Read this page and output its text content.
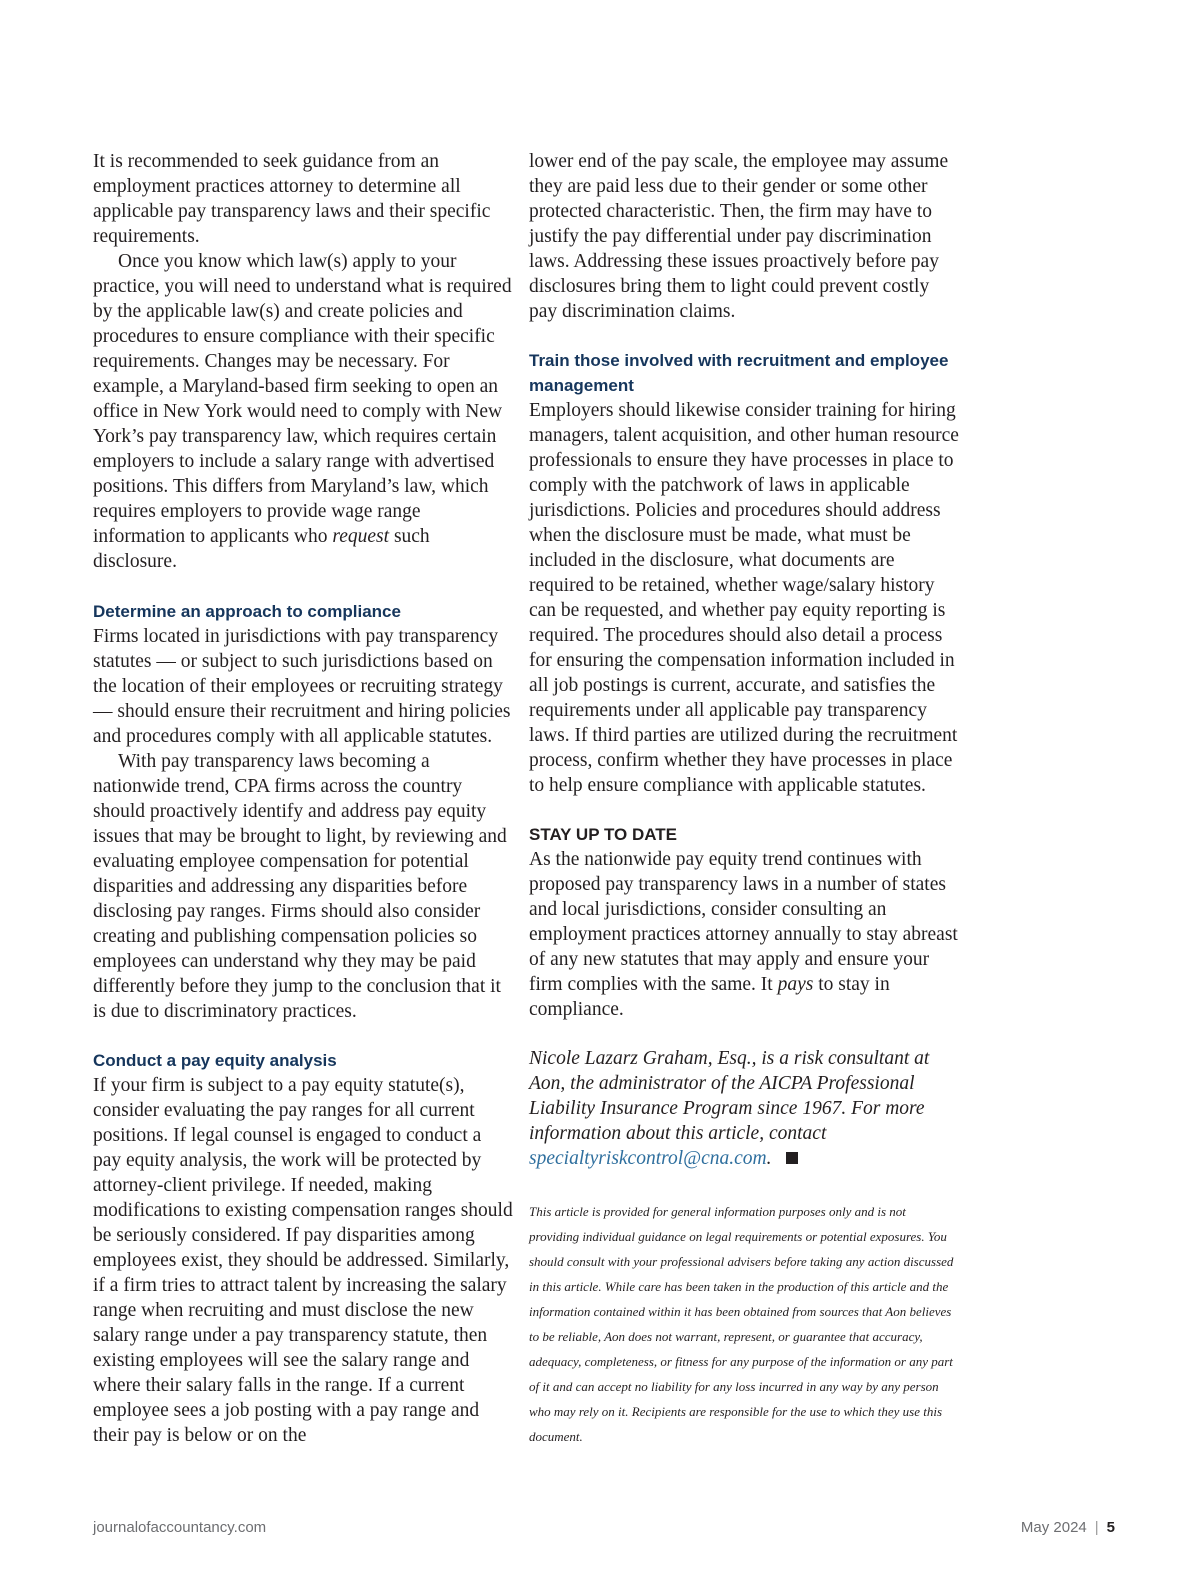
It is recommended to seek guidance from an employment practices attorney to determine all applicable pay transparency laws and their specific requirements.

Once you know which law(s) apply to your practice, you will need to understand what is required by the applicable law(s) and create policies and procedures to ensure compliance with their specific requirements. Changes may be necessary. For example, a Maryland-based firm seeking to open an office in New York would need to comply with New York’s pay transparency law, which requires certain employers to include a salary range with advertised positions. This differs from Maryland’s law, which requires employers to provide wage range information to applicants who request such disclosure.

Determine an approach to compliance

Firms located in jurisdictions with pay transparency statutes — or subject to such jurisdictions based on the location of their employees or recruiting strategy — should ensure their recruitment and hiring policies and procedures comply with all applicable statutes.

With pay transparency laws becoming a nationwide trend, CPA firms across the country should proactively identify and address pay equity issues that may be brought to light, by reviewing and evaluating employee compensation for potential disparities and addressing any disparities before disclosing pay ranges. Firms should also consider creating and publishing compensation policies so employees can understand why they may be paid differently before they jump to the conclusion that it is due to discriminatory practices.

Conduct a pay equity analysis

If your firm is subject to a pay equity statute(s), consider evaluating the pay ranges for all current positions. If legal counsel is engaged to conduct a pay equity analysis, the work will be protected by attorney-client privilege. If needed, making modifications to existing compensation ranges should be seriously considered. If pay disparities among employees exist, they should be addressed. Similarly, if a firm tries to attract talent by increasing the salary range when recruiting and must disclose the new salary range under a pay transparency statute, then existing employees will see the salary range and where their salary falls in the range. If a current employee sees a job posting with a pay range and their pay is below or on the

lower end of the pay scale, the employee may assume they are paid less due to their gender or some other protected characteristic. Then, the firm may have to justify the pay differential under pay discrimination laws. Addressing these issues proactively before pay disclosures bring them to light could prevent costly pay discrimination claims.

Train those involved with recruitment and employee management

Employers should likewise consider training for hiring managers, talent acquisition, and other human resource professionals to ensure they have processes in place to comply with the patchwork of laws in applicable jurisdictions. Policies and procedures should address when the disclosure must be made, what must be included in the disclosure, what documents are required to be retained, whether wage/salary history can be requested, and whether pay equity reporting is required. The procedures should also detail a process for ensuring the compensation information included in all job postings is current, accurate, and satisfies the requirements under all applicable pay transparency laws. If third parties are utilized during the recruitment process, confirm whether they have processes in place to help ensure compliance with applicable statutes.

STAY UP TO DATE

As the nationwide pay equity trend continues with proposed pay transparency laws in a number of states and local jurisdictions, consider consulting an employment practices attorney annually to stay abreast of any new statutes that may apply and ensure your firm complies with the same. It pays to stay in compliance.

Nicole Lazarz Graham, Esq., is a risk consultant at Aon, the administrator of the AICPA Professional Liability Insurance Program since 1967. For more information about this article, contact specialtyriskcontrol@cna.com.

This article is provided for general information purposes only and is not providing individual guidance on legal requirements or potential exposures. You should consult with your professional advisers before taking any action discussed in this article. While care has been taken in the production of this article and the information contained within it has been obtained from sources that Aon believes to be reliable, Aon does not warrant, represent, or guarantee that accuracy, adequacy, completeness, or fitness for any purpose of the information or any part of it and can accept no liability for any loss incurred in any way by any person who may rely on it. Recipients are responsible for the use to which they use this document.

journalofaccountancy.com	May 2024 | 5
